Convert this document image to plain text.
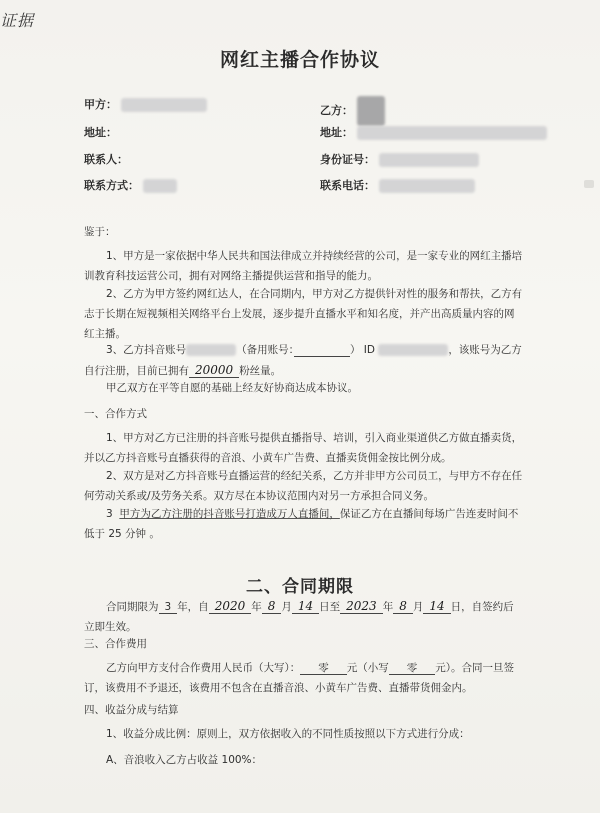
证据
网红主播合作协议
甲方：
地址：
联系人：
联系方式：
乙方：
地址：
身份证号：
联系电话：
鉴于：
1、甲方是一家依据中华人民共和国法律成立并持续经营的公司，是一家专业的网红主播培训教育科技运营公司，拥有对网络主播提供运营和指导的能力。
2、乙方为甲方签约网红达人，在合同期内，甲方对乙方提供针对性的服务和帮扶，乙方有志于长期在短视频相关网络平台上发展，逐步提升直播水平和知名度，并产出高质量内容的网红主播。
3、乙方抖音账号	（备用账号：	） ID	，该账号为乙方自行注册，目前已拥有 20000 粉丝量。
甲乙双方在平等自愿的基础上经友好协商达成本协议。
一、合作方式
1、甲方对乙方已注册的抖音账号提供直播指导、培训，引入商业渠道供乙方做直播卖货，并以乙方抖音账号直播获得的音浪、小黄车广告费、直播卖货佣金按比例分成。
2、双方是对乙方抖音账号直播运营的经纪关系，乙方并非甲方公司员工，与甲方不存在任何劳动关系或/及劳务关系。双方尽在本协议范围内对另一方承担合同义务。
3 甲方为乙方注册的抖音账号打造成万人直播间，保证乙方在直播间每场广告连麦时间不低于 25 分钟 。
二、合同期限
合同期限为 3 年，自 2020 年 8 月 14 日至 2023 年 8 月 14 日，自签约后立即生效。
三、合作费用
乙方向甲方支付合作费用人民币（大写）： 零 元（小写 零 元）。合同一旦签订，该费用不予退还，该费用不包含在直播音浪、小黄车广告费、直播带货佣金内。
四、收益分成与结算
1、收益分成比例：原则上，双方依据收入的不同性质按照以下方式进行分成：
A、音浪收入乙方占收益 100%：
